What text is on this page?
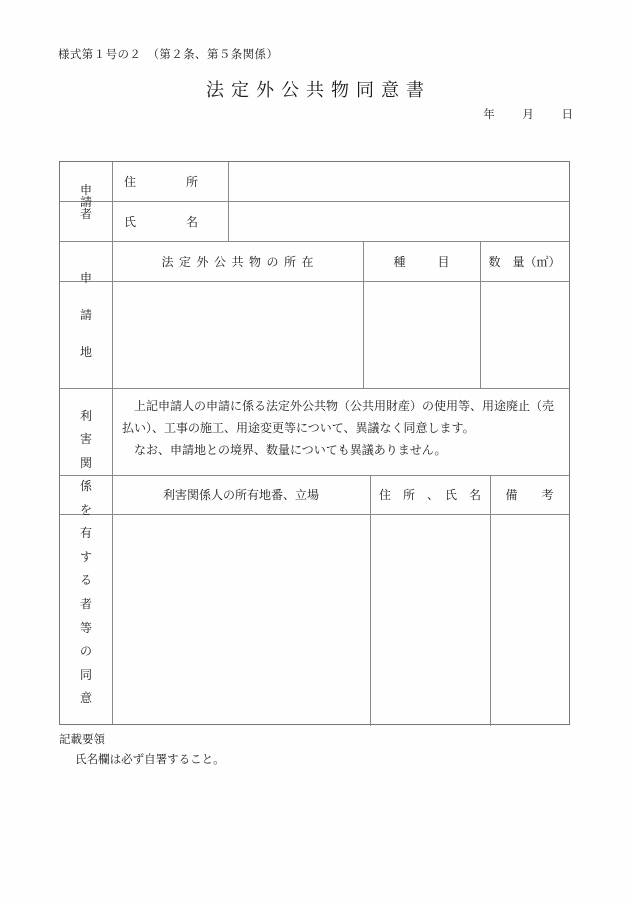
様式第１号の２　（第２条、第５条関係）
法定外公共物同意書
年 月 日
申
請
者
住	所
氏	名
申
請
地
法定外公共物の所在	種	目	数　量（㎡）
利
害
関
係
を
有
す
る
者
等
の
同
意

上記申請人の申請に係る法定外公共物（公共用財産）の使用等、用途廃止（売払い）、工事の施工、用途変更等について、異議なく同意します。

なお、申請地との境界、数量についても異議ありません。

利害関係人の所有地番、立場	住　所　、　氏　名	備 考

記載要領

氏名欄は必ず自署すること。
